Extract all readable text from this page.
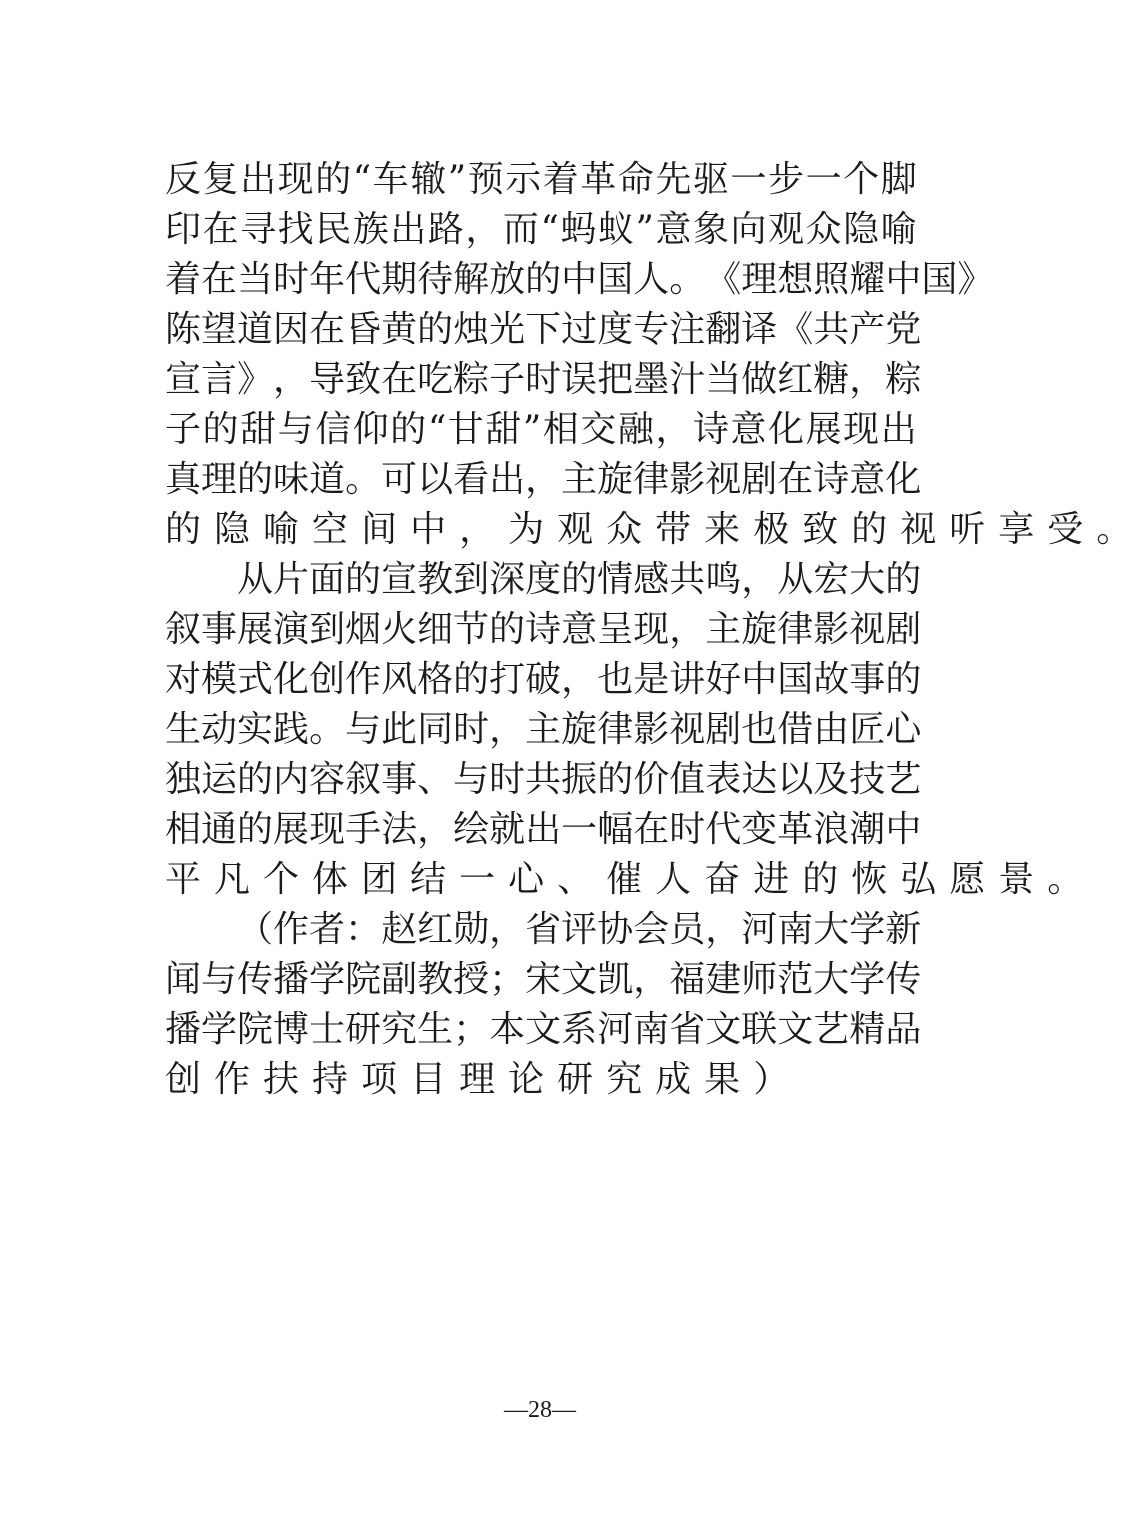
反 复 出 现 的 “ 车 辙 ” 预 示 着 革 命 先 驱 一 步 一 个 脚
印 在 寻 找 民 族 出 路 ， 而 “ 蚂 蚁 ” 意 象 向 观 众 隐 喻
着 在 当 时 年 代 期 待 解 放 的 中 国 人 。 《 理 想 照 耀 中 国 》
陈 望 道 因 在 昏 黄 的 烛 光 下 过 度 专 注 翻 译 《 共 产 党
宣 言 》 ， 导 致 在 吃 粽 子 时 误 把 墨 汁 当 做 红 糖 ， 粽
子 的 甜 与 信 仰 的 “ 甘 甜 ” 相 交 融 ， 诗 意 化 展 现 出
真 理 的 味 道 。 可 以 看 出 ， 主 旋 律 影 视 剧 在 诗 意 化
的 隐 喻 空 间 中 ， 为 观 众 带 来 极 致 的 视 听 享 受 。
从 片 面 的 宣 教 到 深 度 的 情 感 共 鸣 ， 从 宏 大 的
叙 事 展 演 到 烟 火 细 节 的 诗 意 呈 现 ， 主 旋 律 影 视 剧
对 模 式 化 创 作 风 格 的 打 破 ， 也 是 讲 好 中 国 故 事 的
生 动 实 践 。 与 此 同 时 ， 主 旋 律 影 视 剧 也 借 由 匠 心
独 运 的 内 容 叙 事 、 与 时 共 振 的 价 值 表 达 以 及 技 艺
相 通 的 展 现 手 法 ， 绘 就 出 一 幅 在 时 代 变 革 浪 潮 中
平 凡 个 体 团 结 一 心 、 催 人 奋 进 的 恢 弘 愿 景 。
（ 作 者 ： 赵 红 勋 ， 省 评 协 会 员 ， 河 南 大 学 新
闻 与 传 播 学 院 副 教 授 ； 宋 文 凯 ， 福 建 师 范 大 学 传
播 学 院 博 士 研 究 生 ； 本 文 系 河 南 省 文 联 文 艺 精 品
创 作 扶 持 项 目 理 论 研 究 成 果 ）
—28—
